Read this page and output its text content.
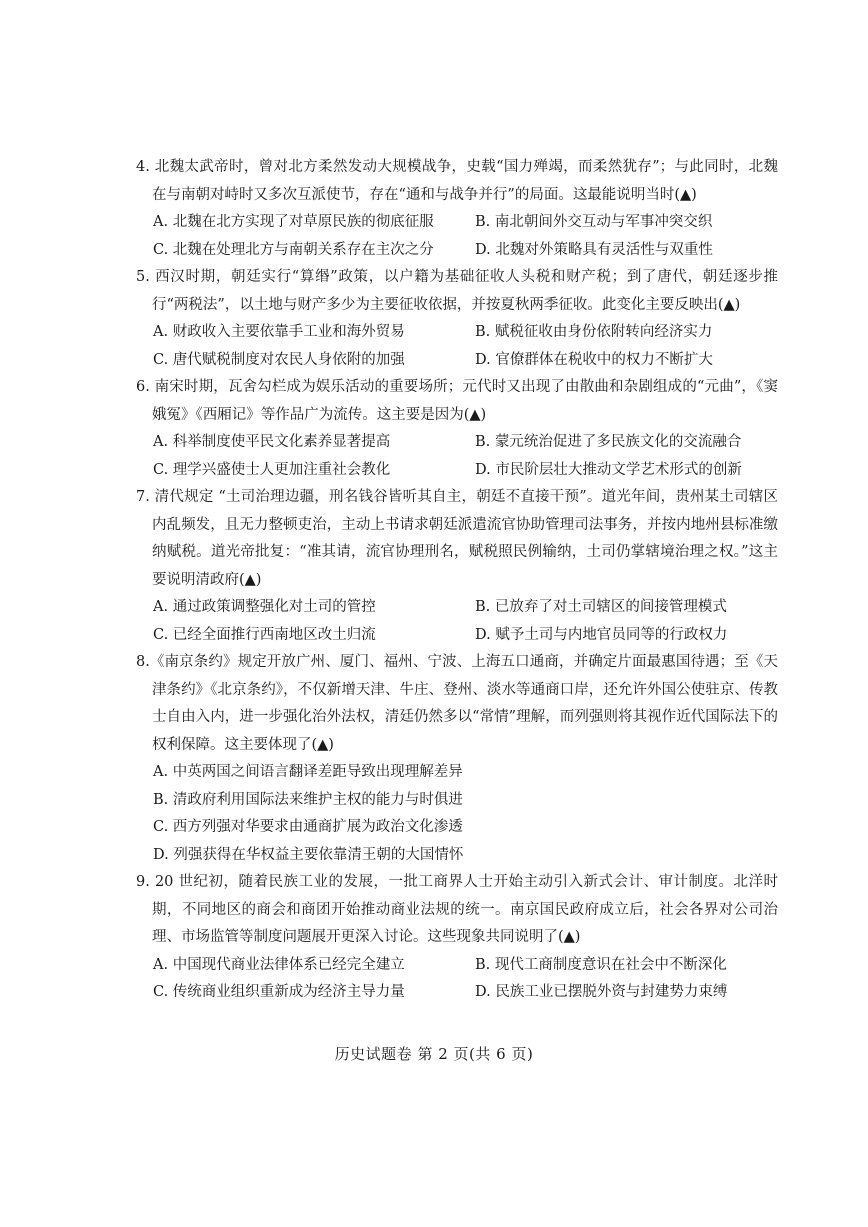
4. 北魏太武帝时，曾对北方柔然发动大规模战争，史载“国力殚竭，而柔然犹存”；与此同时，北魏在与南朝对峙时又多次互派使节，存在“通和与战争并行”的局面。这最能说明当时(▲)

A. 北魏在北方实现了对草原民族的彻底征服	B. 南北朝间外交互动与军事冲突交织
C. 北魏在处理北方与南朝关系存在主次之分	D. 北魏对外策略具有灵活性与双重性

5. 西汉时期，朝廷实行“算缗”政策，以户籍为基础征收人头税和财产税；到了唐代，朝廷逐步推行“两税法”，以土地与财产多少为主要征收依据，并按夏秋两季征收。此变化主要反映出(▲)

A. 财政收入主要依靠手工业和海外贸易	B. 赋税征收由身份依附转向经济实力
C. 唐代赋税制度对农民人身依附的加强	D. 官僚群体在税收中的权力不断扩大

6. 南宋时期，瓦舍勾栏成为娱乐活动的重要场所；元代时又出现了由散曲和杂剧组成的“元曲”，《窦娥冤》《西厢记》等作品广为流传。这主要是因为(▲)

A. 科举制度使平民文化素养显著提高	B. 蒙元统治促进了多民族文化的交流融合
C. 理学兴盛使士人更加注重社会教化	D. 市民阶层壮大推动文学艺术形式的创新

7. 清代规定 “土司治理边疆，刑名钱谷皆听其自主，朝廷不直接干预”。道光年间，贵州某土司辖区内乱频发，且无力整顿吏治，主动上书请求朝廷派遣流官协助管理司法事务，并按内地州县标准缴纳赋税。道光帝批复：“准其请，流官协理刑名，赋税照民例输纳，土司仍掌辖境治理之权。”这主要说明清政府(▲)

A. 通过政策调整强化对土司的管控	B. 已放弃了对土司辖区的间接管理模式
C. 已经全面推行西南地区改土归流	D. 赋予土司与内地官员同等的行政权力

8.《南京条约》规定开放广州、厦门、福州、宁波、上海五口通商，并确定片面最惠国待遇；至《天津条约》《北京条约》，不仅新增天津、牛庄、登州、淡水等通商口岸，还允许外国公使驻京、传教士自由入内，进一步强化治外法权，清廷仍然多以“常情”理解，而列强则将其视作近代国际法下的权利保障。这主要体现了(▲)

A. 中英两国之间语言翻译差距导致出现理解差异
B. 清政府利用国际法来维护主权的能力与时俱进
C. 西方列强对华要求由通商扩展为政治文化渗透
D. 列强获得在华权益主要依靠清王朝的大国情怀

9. 20 世纪初，随着民族工业的发展，一批工商界人士开始主动引入新式会计、审计制度。北洋时期，不同地区的商会和商团开始推动商业法规的统一。南京国民政府成立后，社会各界对公司治理、市场监管等制度问题展开更深入讨论。这些现象共同说明了(▲)

A. 中国现代商业法律体系已经完全建立	B. 现代工商制度意识在社会中不断深化
C. 传统商业组织重新成为经济主导力量	D. 民族工业已摆脱外资与封建势力束缚
历史试题卷 第 2 页(共 6 页)
